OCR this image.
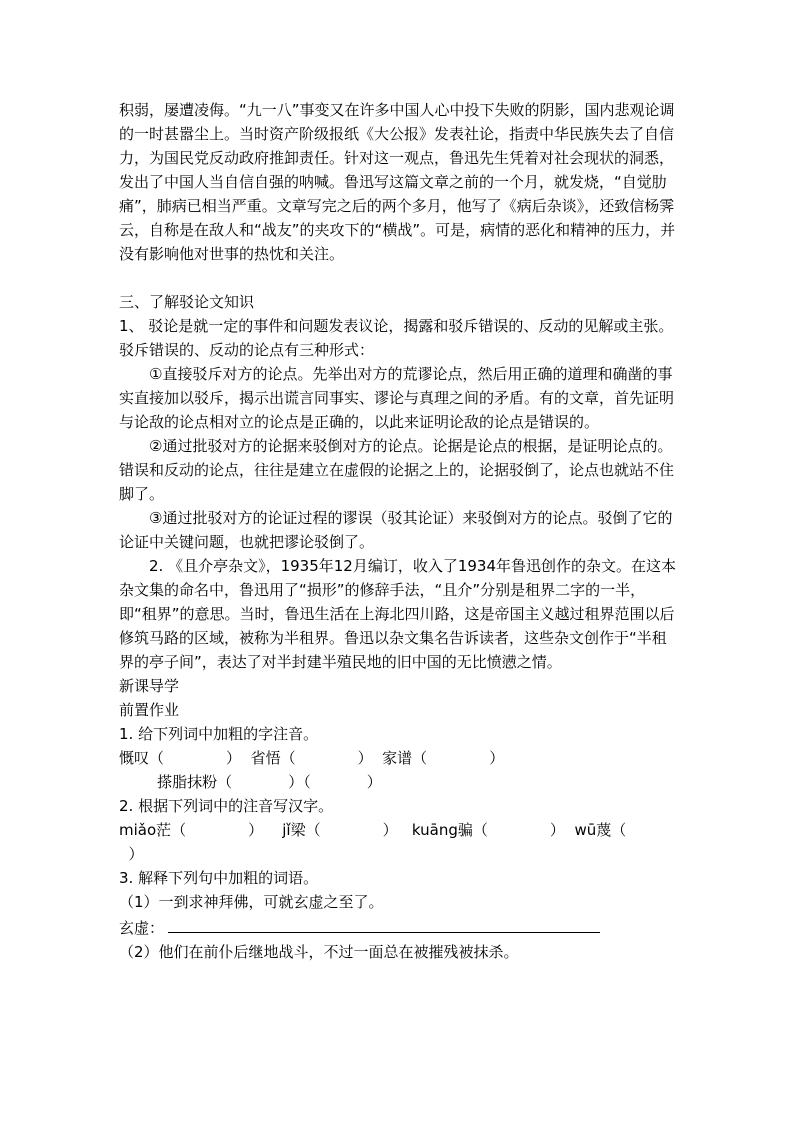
积弱，屡遭凌侮。“九一八”事变又在许多中国人心中投下失败的阴影，国内悲观论调的一时甚嚣尘上。当时资产阶级报纸《大公报》发表社论，指责中华民族失去了自信力，为国民党反动政府推卸责任。针对这一观点，鲁迅先生凭着对社会现状的洞悉，发出了中国人当自信自强的呐喊。鲁迅写这篇文章之前的一个月，就发烧，“自觉肋痛”，肺病已相当严重。文章写完之后的两个多月，他写了《病后杂谈》，还致信杨霁云，自称是在敌人和“战友”的夹攻下的“横战”。可是，病情的恶化和精神的压力，并没有影响他对世事的热忱和关注。

三、了解驳论文知识

1、 驳论是就一定的事件和问题发表议论，揭露和驳斥错误的、反动的见解或主张。　　驳斥错误的、反动的论点有三种形式：

①直接驳斥对方的论点。先举出对方的荒谬论点，然后用正确的道理和确凿的事实直接加以驳斥，揭示出谎言同事实、谬论与真理之间的矛盾。有的文章，首先证明与论敌的论点相对立的论点是正确的，以此来证明论敌的论点是错误的。

②通过批驳对方的论据来驳倒对方的论点。论据是论点的根据，是证明论点的。错误和反动的论点，往往是建立在虚假的论据之上的，论据驳倒了，论点也就站不住脚了。

③通过批驳对方的论证过程的谬误（驳其论证）来驳倒对方的论点。驳倒了它的论证中关键问题，也就把谬论驳倒了。

2. 《且介亭杂文》，1935年12月编订，收入了1934年鲁迅创作的杂文。在这本杂文集的命名中，鲁迅用了“损形”的修辞手法，“且介”分别是租界二字的一半，即“租界”的意思。当时，鲁迅生活在上海北四川路，这是帝国主义越过租界范围以后修筑马路的区域，被称为半租界。鲁迅以杂文集名告诉读者，这些杂文创作于“半租界的亭子间”，表达了对半封建半殖民地的旧中国的无比愤懑之情。

新课导学

前置作业

1. 给下列词中加粗的字注音。

慨叹（	）  省悟（	）  家谱（	）

搽脂抹粉（	）（	）

2. 根据下列词中的注音写汉字。

miǎo茫（	）    jǐ梁（	）   kuāng骗（	）  wū蔑（

）

3. 解释下列句中加粗的词语。

（1）一到求神拜佛，可就玄虚之至了。

玄虚：

（2）他们在前仆后继地战斗，不过一面总在被摧残被抹杀。
